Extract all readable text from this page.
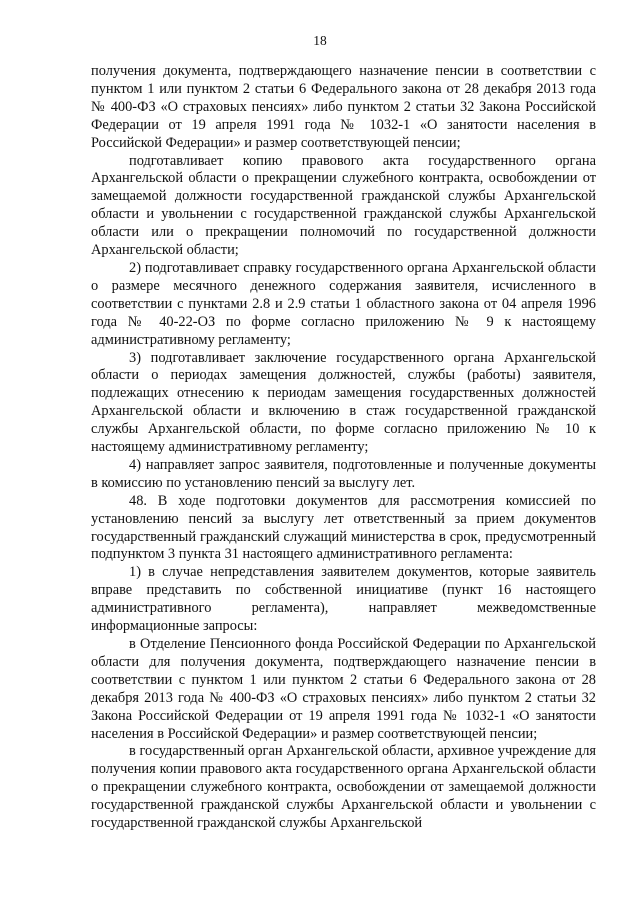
18

получения документа, подтверждающего назначение пенсии в соответствии с пунктом 1 или пунктом 2 статьи 6 Федерального закона от 28 декабря 2013 года № 400-ФЗ «О страховых пенсиях» либо пунктом 2 статьи 32 Закона Российской Федерации от 19 апреля 1991 года № 1032-1 «О занятости населения в Российской Федерации» и размер соответствующей пенсии;

подготавливает копию правового акта государственного органа Архангельской области о прекращении служебного контракта, освобождении от замещаемой должности государственной гражданской службы Архангельской области и увольнении с государственной гражданской службы Архангельской области или о прекращении полномочий по государственной должности Архангельской области;

2) подготавливает справку государственного органа Архангельской области о размере месячного денежного содержания заявителя, исчисленного в соответствии с пунктами 2.8 и 2.9 статьи 1 областного закона от 04 апреля 1996 года № 40-22-ОЗ по форме согласно приложению № 9 к настоящему административному регламенту;

3) подготавливает заключение государственного органа Архангельской области о периодах замещения должностей, службы (работы) заявителя, подлежащих отнесению к периодам замещения государственных должностей Архангельской области и включению в стаж государственной гражданской службы Архангельской области, по форме согласно приложению № 10 к настоящему административному регламенту;

4) направляет запрос заявителя, подготовленные и полученные документы в комиссию по установлению пенсий за выслугу лет.

48. В ходе подготовки документов для рассмотрения комиссией по установлению пенсий за выслугу лет ответственный за прием документов государственный гражданский служащий министерства в срок, предусмотренный подпунктом 3 пункта 31 настоящего административного регламента:

1) в случае непредставления заявителем документов, которые заявитель вправе представить по собственной инициативе (пункт 16 настоящего административного регламента), направляет межведомственные информационные запросы:

в Отделение Пенсионного фонда Российской Федерации по Архангельской области для получения документа, подтверждающего назначение пенсии в соответствии с пунктом 1 или пунктом 2 статьи 6 Федерального закона от 28 декабря 2013 года № 400-ФЗ «О страховых пенсиях» либо пунктом 2 статьи 32 Закона Российской Федерации от 19 апреля 1991 года № 1032-1 «О занятости населения в Российской Федерации» и размер соответствующей пенсии;

в государственный орган Архангельской области, архивное учреждение для получения копии правового акта государственного органа Архангельской области о прекращении служебного контракта, освобождении от замещаемой должности государственной гражданской службы Архангельской области и увольнении с государственной гражданской службы Архангельской
